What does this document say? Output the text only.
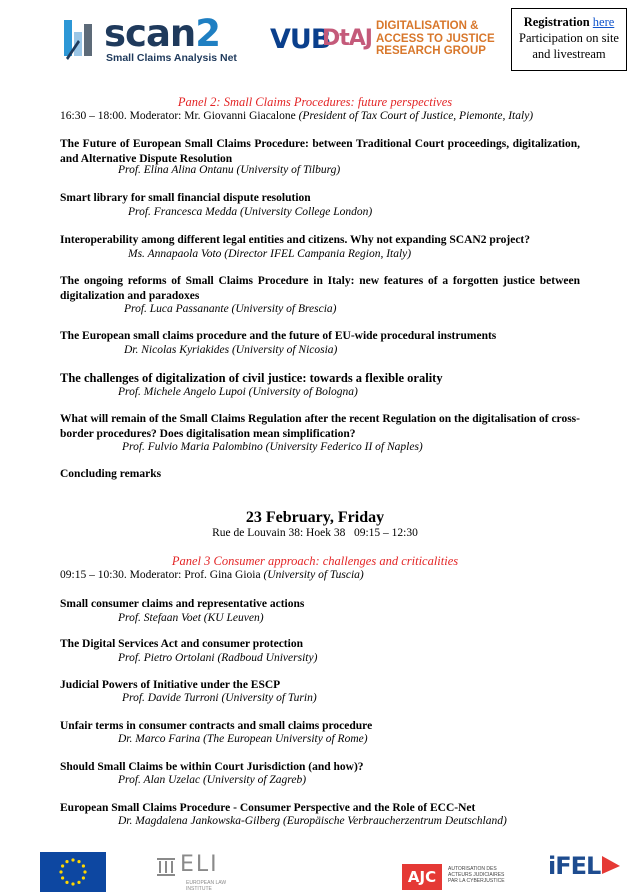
scan2
Small Claims Analysis Net
VUB
DtAJ DIGITALISATION &
ACCESS TO JUSTICE
RESEARCH GROUP
Registration here
Participation on site and livestream
Panel 2: Small Claims Procedures: future perspectives
16:30 – 18:00. Moderator: Mr. Giovanni Giacalone (President of Tax Court of Justice, Piemonte, Italy)
The Future of European Small Claims Procedure: between Traditional Court proceedings, digitalization, and Alternative Dispute Resolution
Prof. Elina Alina Ontanu (University of Tilburg)
Smart library for small financial dispute resolution
Prof. Francesca Medda (University College London)
Interoperability among different legal entities and citizens. Why not expanding SCAN2 project?
Ms. Annapaola Voto (Director IFEL Campania Region, Italy)
The ongoing reforms of Small Claims Procedure in Italy: new features of a forgotten justice between digitalization and paradoxes
Prof. Luca Passanante (University of Brescia)
The European small claims procedure and the future of EU-wide procedural instruments
Dr. Nicolas Kyriakides (University of Nicosia)
The challenges of digitalization of civil justice: towards a flexible orality
Prof. Michele Angelo Lupoi (University of Bologna)
What will remain of the Small Claims Regulation after the recent Regulation on the digitalisation of cross-border procedures? Does digitalisation mean simplification?
Prof. Fulvio Maria Palombino (University Federico II of Naples)
Concluding remarks
23 February, Friday
Rue de Louvain 38: Hoek 38   09:15 – 12:30
Panel 3 Consumer approach: challenges and criticalities
09:15 – 10:30. Moderator: Prof. Gina Gioia (University of Tuscia)
Small consumer claims and representative actions
Prof. Stefaan Voet (KU Leuven)
The Digital Services Act and consumer protection
Prof. Pietro Ortolani (Radboud University)
Judicial Powers of Initiative under the ESCP
Prof. Davide Turroni (University of Turin)
Unfair terms in consumer contracts and small claims procedure
Dr. Marco Farina (The European University of Rome)
Should Small Claims be within Court Jurisdiction (and how)?
Prof. Alan Uzelac (University of Zagreb)
European Small Claims Procedure - Consumer Perspective and the Role of ECC-Net
Dr. Magdalena Jankowska-Gilberg (Europäische Verbraucherzentrum Deutschland)
ELI
EUROPEAN LAW INSTITUTE
AJC	AUTORISATION DES ACTEURS JUDICIAIRES PAR LA CYBERJUSTICE
iFEL
